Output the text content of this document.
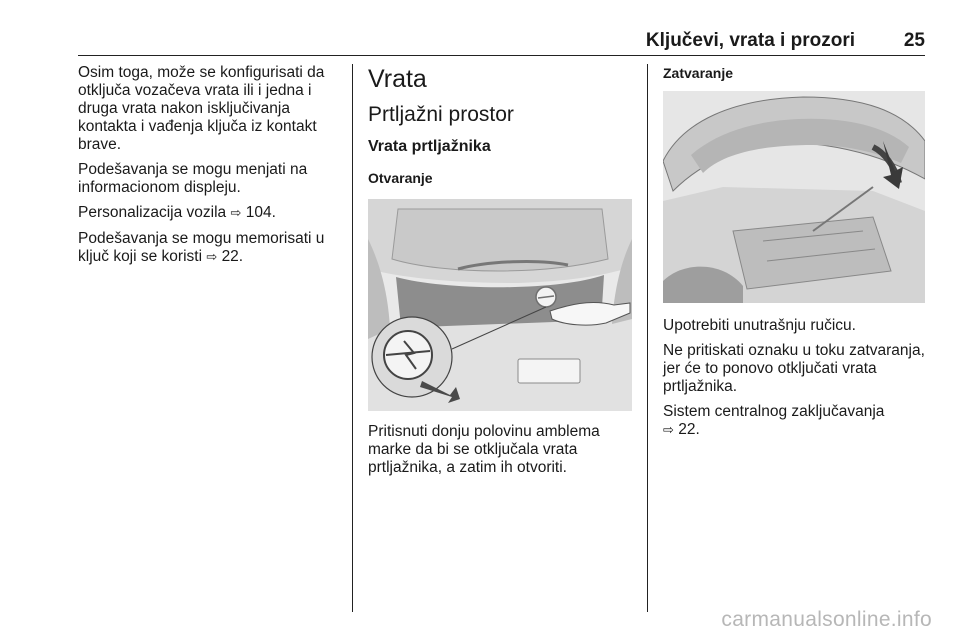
Ključevi, vrata i prozori	25

Osim toga, može se konfigurisati da otključa vozačeva vrata ili i jedna i druga vrata nakon isključivanja kontakta i vađenja ključa iz kontakt brave.

Podešavanja se mogu menjati na informacionom displeju.

Personalizacija vozila ⇨ 104.

Podešavanja se mogu memorisati u ključ koji se koristi ⇨ 22.

Vrata
Prtljažni prostor
Vrata prtljažnika
Otvaranje

Pritisnuti donju polovinu amblema marke da bi se otključala vrata prtljažnika, a zatim ih otvoriti.

Zatvaranje

Upotrebiti unutrašnju ručicu.

Ne pritiskati oznaku u toku zatvaranja, jer će to ponovo otključati vrata prtljažnika.

Sistem centralnog zaključavanja
⇨ 22.

carmanualsonline.info
